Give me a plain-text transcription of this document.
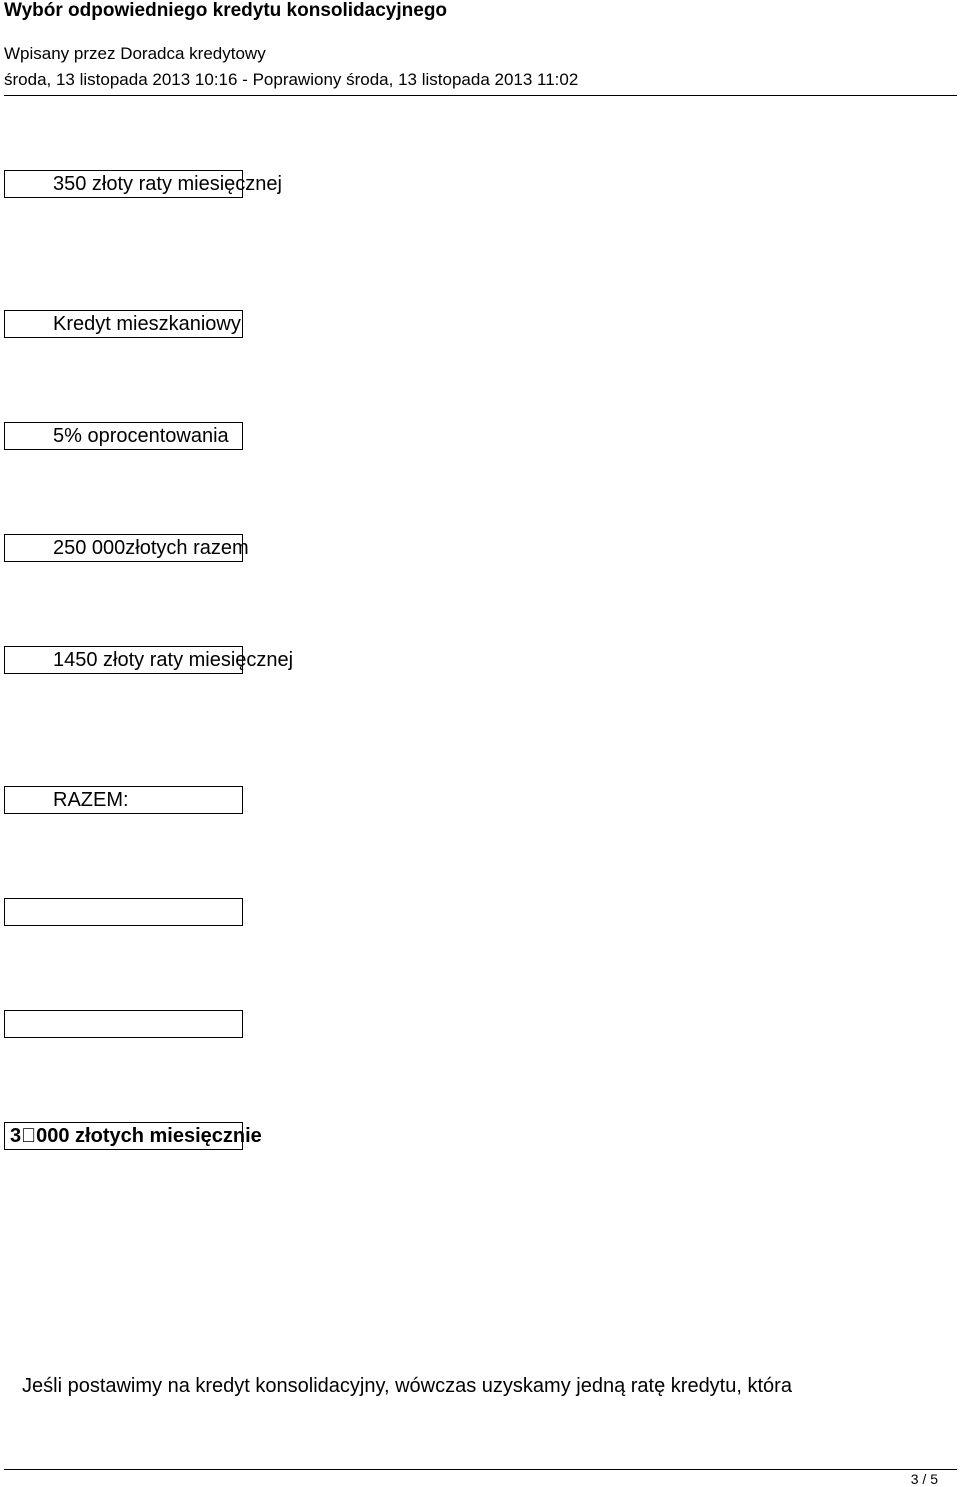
Wybór odpowiedniego kredytu konsolidacyjnego
Wpisany przez Doradca kredytowy
środa, 13 listopada 2013 10:16 - Poprawiony środa, 13 listopada 2013 11:02
350 złoty raty miesięcznej
Kredyt mieszkaniowy
5% oprocentowania
250 000złotych razem
1450 złoty raty miesięcznej
RAZEM:
3 000 złotych miesięcznie
Jeśli postawimy na kredyt konsolidacyjny, wówczas uzyskamy jedną ratę kredytu, która
3 / 5
